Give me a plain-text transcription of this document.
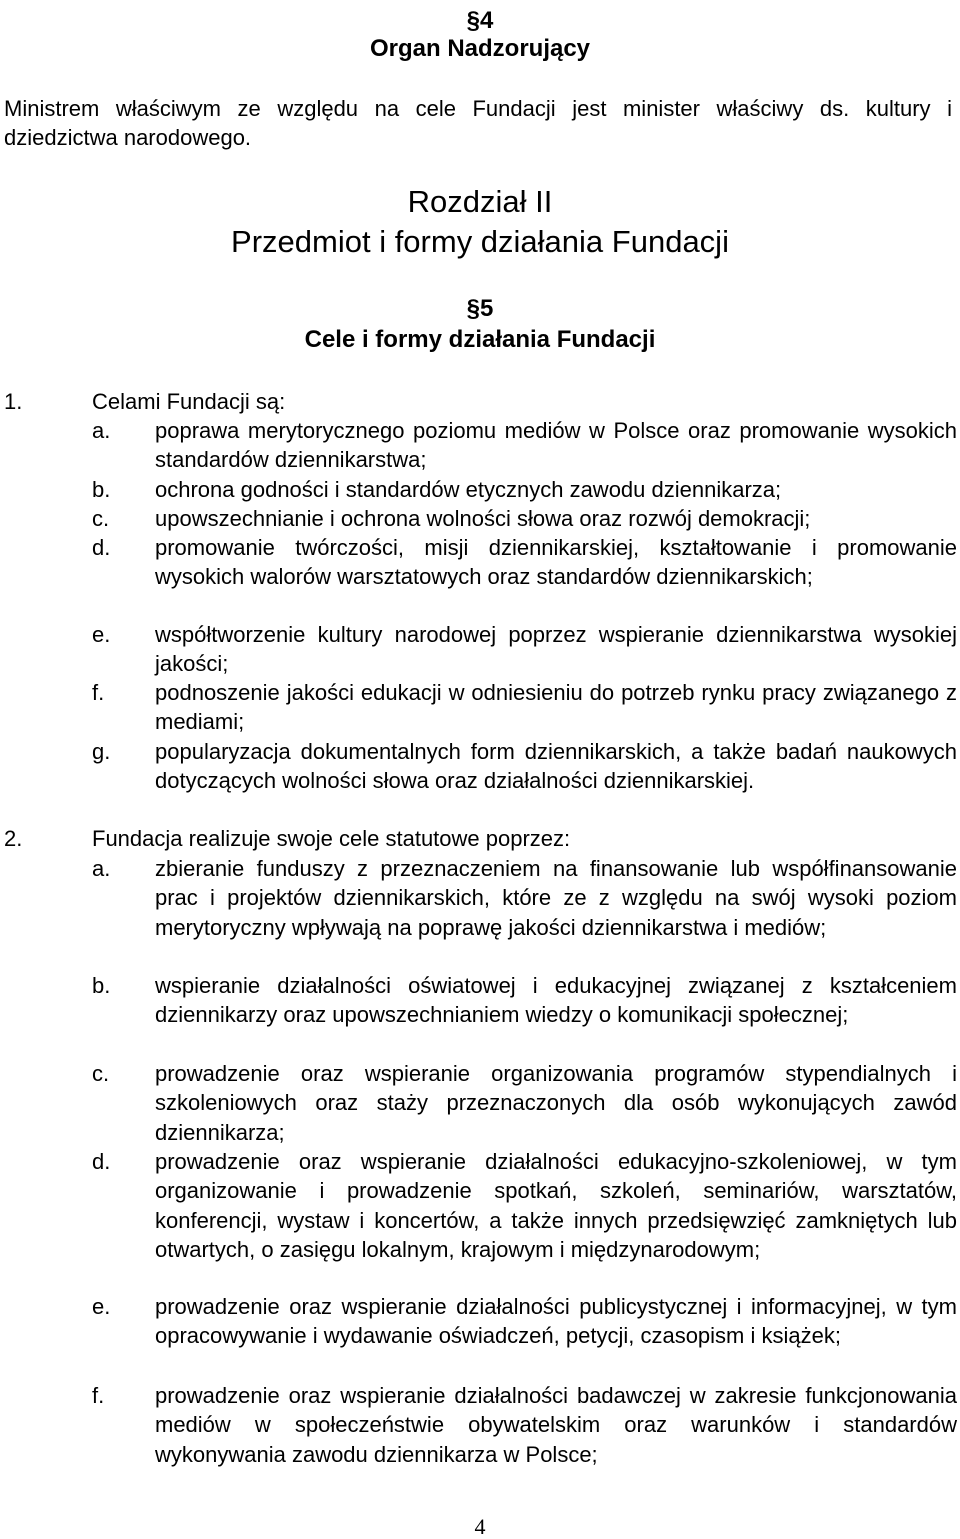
§4
Organ Nadzorujący
Ministrem właściwym ze względu na cele Fundacji jest minister właściwy ds. kultury i
dziedzictwa narodowego.
Rozdział II
Przedmiot i formy działania Fundacji
§5
Cele i formy działania Fundacji
1.	Celami Fundacji są:
a. poprawa merytorycznego poziomu mediów w Polsce oraz promowanie wysokich standardów dziennikarstwa;
b. ochrona godności i standardów etycznych zawodu dziennikarza;
c. upowszechnianie i ochrona wolności słowa oraz rozwój demokracji;
d. promowanie twórczości, misji dziennikarskiej, kształtowanie i promowanie wysokich walorów warsztatowych oraz standardów dziennikarskich;
e. współtworzenie kultury narodowej poprzez wspieranie dziennikarstwa wysokiej jakości;
f. podnoszenie jakości edukacji w odniesieniu do potrzeb rynku pracy związanego z mediami;
g. popularyzacja dokumentalnych form dziennikarskich, a także badań naukowych dotyczących wolności słowa oraz działalności dziennikarskiej.
2.	Fundacja realizuje swoje cele statutowe poprzez:
a. zbieranie funduszy z przeznaczeniem na finansowanie lub współfinansowanie prac i projektów dziennikarskich, które ze z względu na swój wysoki poziom merytoryczny wpływają na poprawę jakości dziennikarstwa i mediów;
b. wspieranie działalności oświatowej i edukacyjnej związanej z kształceniem dziennikarzy oraz upowszechnianiem wiedzy o komunikacji społecznej;
c. prowadzenie oraz wspieranie organizowania programów stypendialnych i szkoleniowych oraz staży przeznaczonych dla osób wykonujących zawód dziennikarza;
d. prowadzenie oraz wspieranie działalności edukacyjno-szkoleniowej, w tym organizowanie i prowadzenie spotkań, szkoleń, seminariów, warsztatów, konferencji, wystaw i koncertów, a także innych przedsięwzięć zamkniętych lub otwartych, o zasięgu lokalnym, krajowym i międzynarodowym;
e. prowadzenie oraz wspieranie działalności publicystycznej i informacyjnej, w tym opracowywanie i wydawanie oświadczeń, petycji, czasopism i książek;
f. prowadzenie oraz wspieranie działalności badawczej w zakresie funkcjonowania mediów w społeczeństwie obywatelskim oraz warunków i standardów wykonywania zawodu dziennikarza w Polsce;
4
